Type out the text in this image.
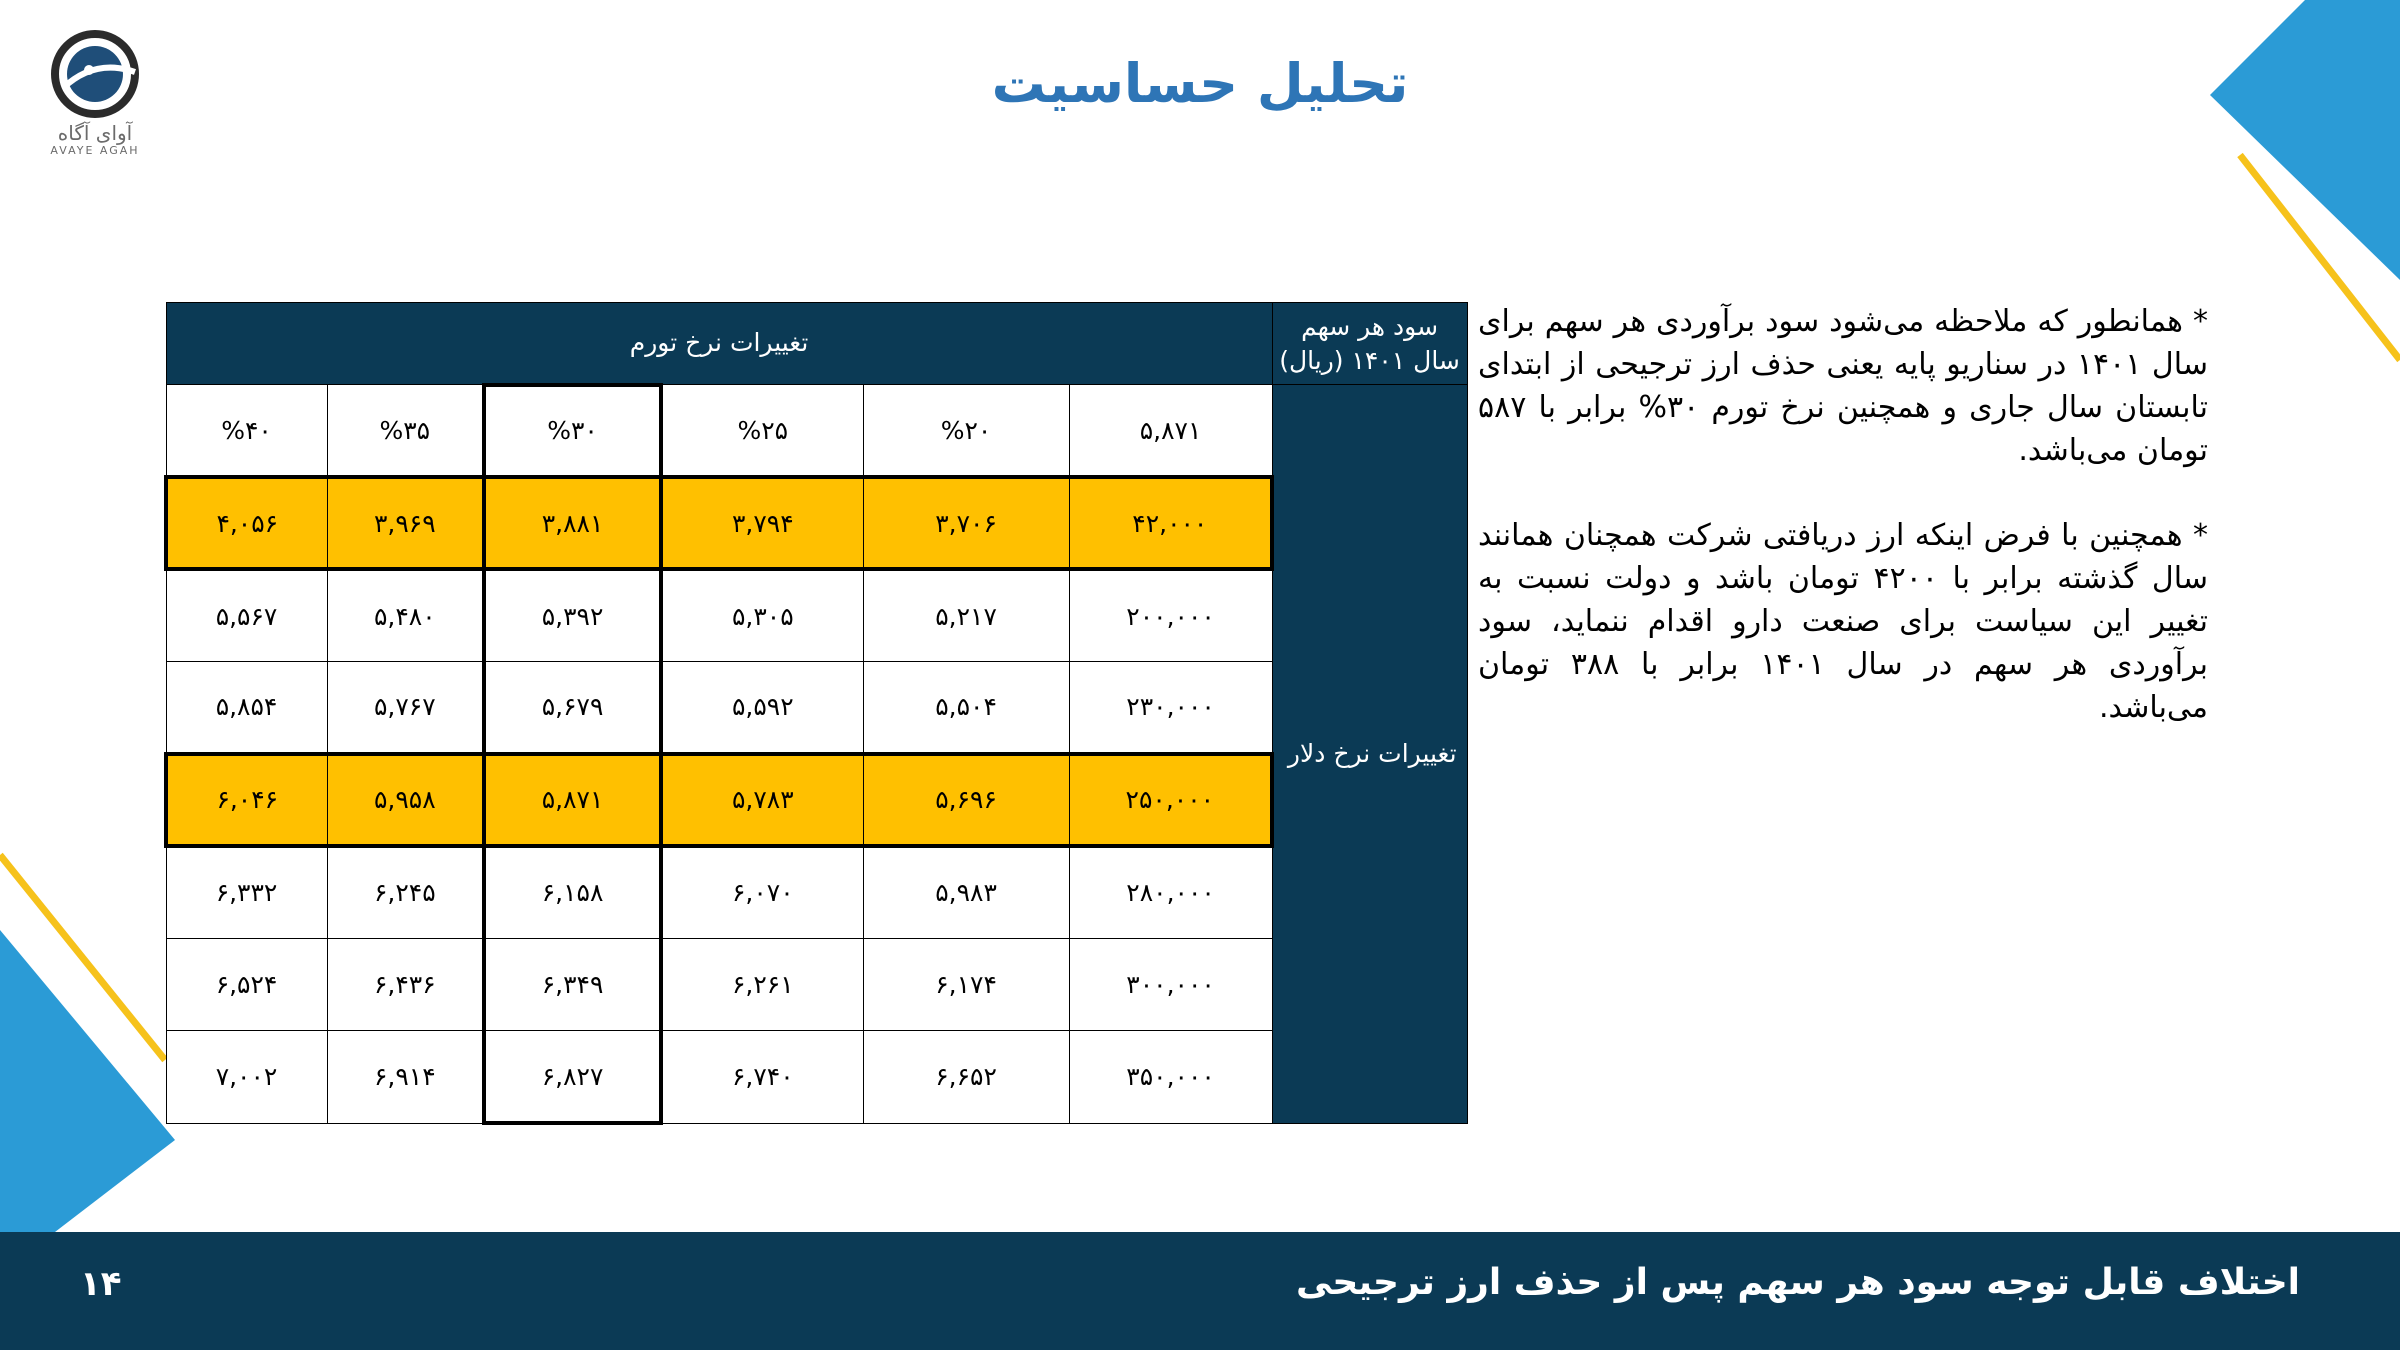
آوای آگاه
AVAYE AGAH
تحلیل حساسیت
سود هر سهم
سال ۱۴۰۱ (ریال)	تغییرات نرخ تورم					
تغییرات نرخ دلار	۵,۸۷۱	%۲۰	%۲۵	%۳۰	%۳۵	%۴۰
	۴۲,۰۰۰	۳,۷۰۶	۳,۷۹۴	۳,۸۸۱	۳,۹۶۹	۴,۰۵۶
	۲۰۰,۰۰۰	۵,۲۱۷	۵,۳۰۵	۵,۳۹۲	۵,۴۸۰	۵,۵۶۷
	۲۳۰,۰۰۰	۵,۵۰۴	۵,۵۹۲	۵,۶۷۹	۵,۷۶۷	۵,۸۵۴
	۲۵۰,۰۰۰	۵,۶۹۶	۵,۷۸۳	۵,۸۷۱	۵,۹۵۸	۶,۰۴۶
	۲۸۰,۰۰۰	۵,۹۸۳	۶,۰۷۰	۶,۱۵۸	۶,۲۴۵	۶,۳۳۲
	۳۰۰,۰۰۰	۶,۱۷۴	۶,۲۶۱	۶,۳۴۹	۶,۴۳۶	۶,۵۲۴
	۳۵۰,۰۰۰	۶,۶۵۲	۶,۷۴۰	۶,۸۲۷	۶,۹۱۴	۷,۰۰۲

* همانطور که ملاحظه می‌شود سود برآوردی هر سهم برای سال ۱۴۰۱ در سناریو پایه یعنی حذف ارز ترجیحی از ابتدای تابستان سال جاری و همچنین نرخ تورم ۳۰% برابر با ۵۸۷ تومان می‌باشد.

* همچنین با فرض اینکه ارز دریافتی شرکت همچنان همانند سال گذشته برابر با ۴۲۰۰ تومان باشد و دولت نسبت به تغییر این سیاست برای صنعت دارو اقدام ننماید، سود برآوردی هر سهم در سال ۱۴۰۱ برابر با ۳۸۸ تومان می‌باشد.

اختلاف قابل توجه سود هر سهم پس از حذف ارز ترجیحی
۱۴
